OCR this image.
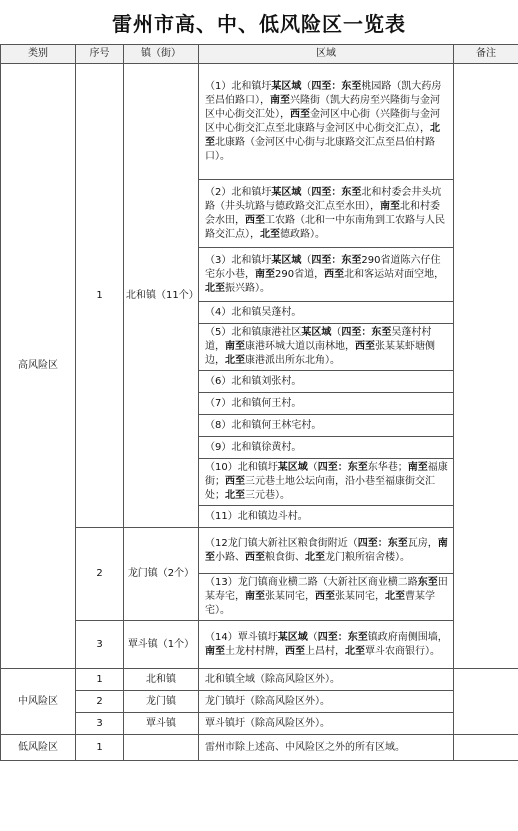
雷州市高、中、低风险区一览表
类别	序号	镇（街）	区域	备注
高风险区	1	北和镇（11个）	（1）北和镇圩某区域（四至：东至桃园路（凯大药房至昌伯路口），南至兴隆街（凯大药房至兴隆街与金河区中心街交汇处），西至金河区中心街（兴隆街与金河区中心街交汇点至北康路与金河区中心街交汇点），北至北康路（金河区中心街与北康路交汇点至昌伯村路口）。	
			（2）北和镇圩某区域（四至：东至北和村委会井头坑路（井头坑路与德政路交汇点至水田），南至北和村委会水田，西至工农路（北和一中东南角到工农路与人民路交汇点），北至德政路）。	
			（3）北和镇圩某区域（四至：东至290省道陈六仔住宅东小巷，南至290省道，西至北和客运站对面空地，北至振兴路）。	
			（4）北和镇吴蓬村。	
			（5）北和镇康港社区某区域（四至：东至吴蓬村村道，南至康港环城大道以南林地，西至张某某虾塘侧边，北至康港派出所东北角）。	
			（6）北和镇刘张村。	
			（7）北和镇何王村。	
			（8）北和镇何王林宅村。	
			（9）北和镇徐黄村。	
			（10）北和镇圩某区域（四至：东至东华巷；南至福康街；西至三元巷土地公坛向南，沿小巷至福康街交汇处；北至三元巷）。	
			（11）北和镇边斗村。	
	2	龙门镇（2个）	（12龙门镇大新社区粮食街附近（四至：东至瓦房，南至小路、西至粮食街、北至龙门粮所宿舍楼）。	
			（13）龙门镇商业横二路（大新社区商业横二路东至田某寿宅，南至张某同宅，西至张某同宅，北至曹某学宅）。	
	3	覃斗镇（1个）	（14）覃斗镇圩某区域（四至：东至镇政府南侧围墙，南至土龙村村牌，西至上昌村，北至覃斗农商银行）。	
中风险区	1	北和镇	北和镇全域（除高风险区外）。	
	2	龙门镇	龙门镇圩（除高风险区外）。	
	3	覃斗镇	覃斗镇圩（除高风险区外）。	
低风险区	1		雷州市除上述高、中风险区之外的所有区域。	
